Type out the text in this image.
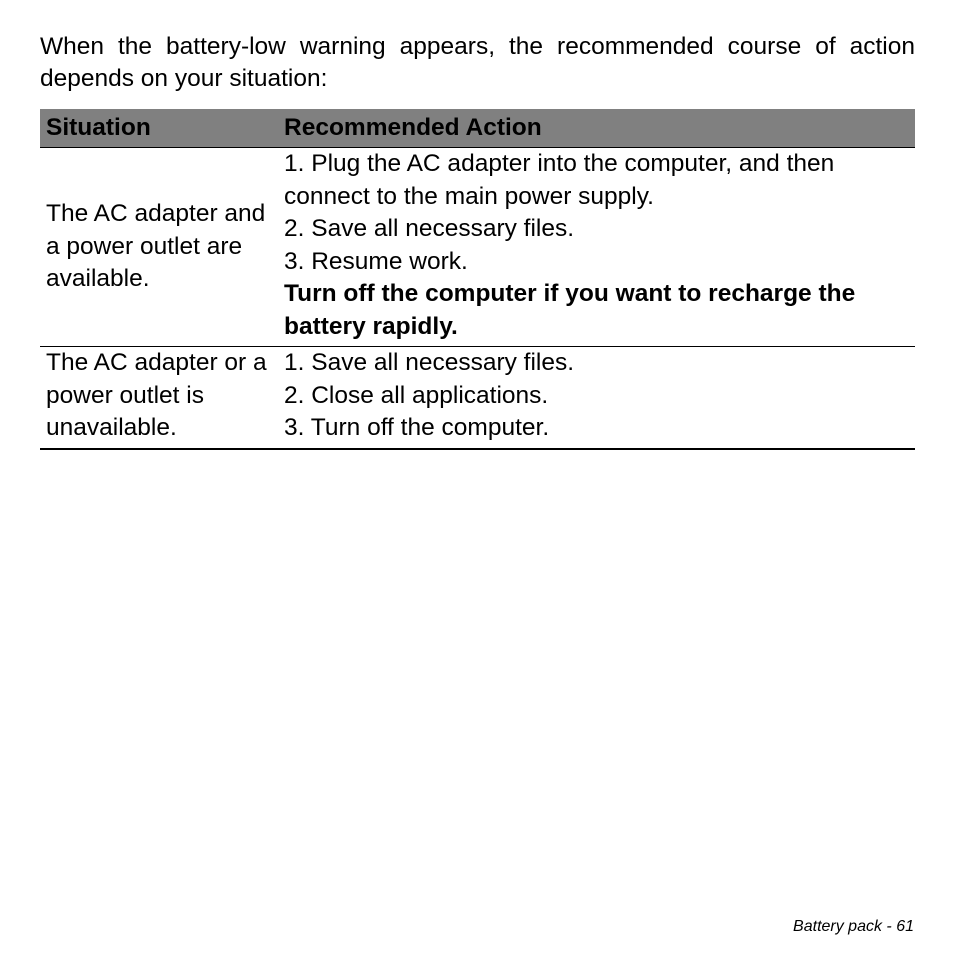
When the battery-low warning appears, the recommended course of action depends on your situation:

Situation	Recommended Action
The AC adapter and a power outlet are available.	1. Plug the AC adapter into the computer, and then connect to the main power supply.
2. Save all necessary files.
3. Resume work.
Turn off the computer if you want to recharge the battery rapidly.

The AC adapter or a power outlet is unavailable.	1. Save all necessary files.
2. Close all applications.
3. Turn off the computer.
Battery pack - 61
